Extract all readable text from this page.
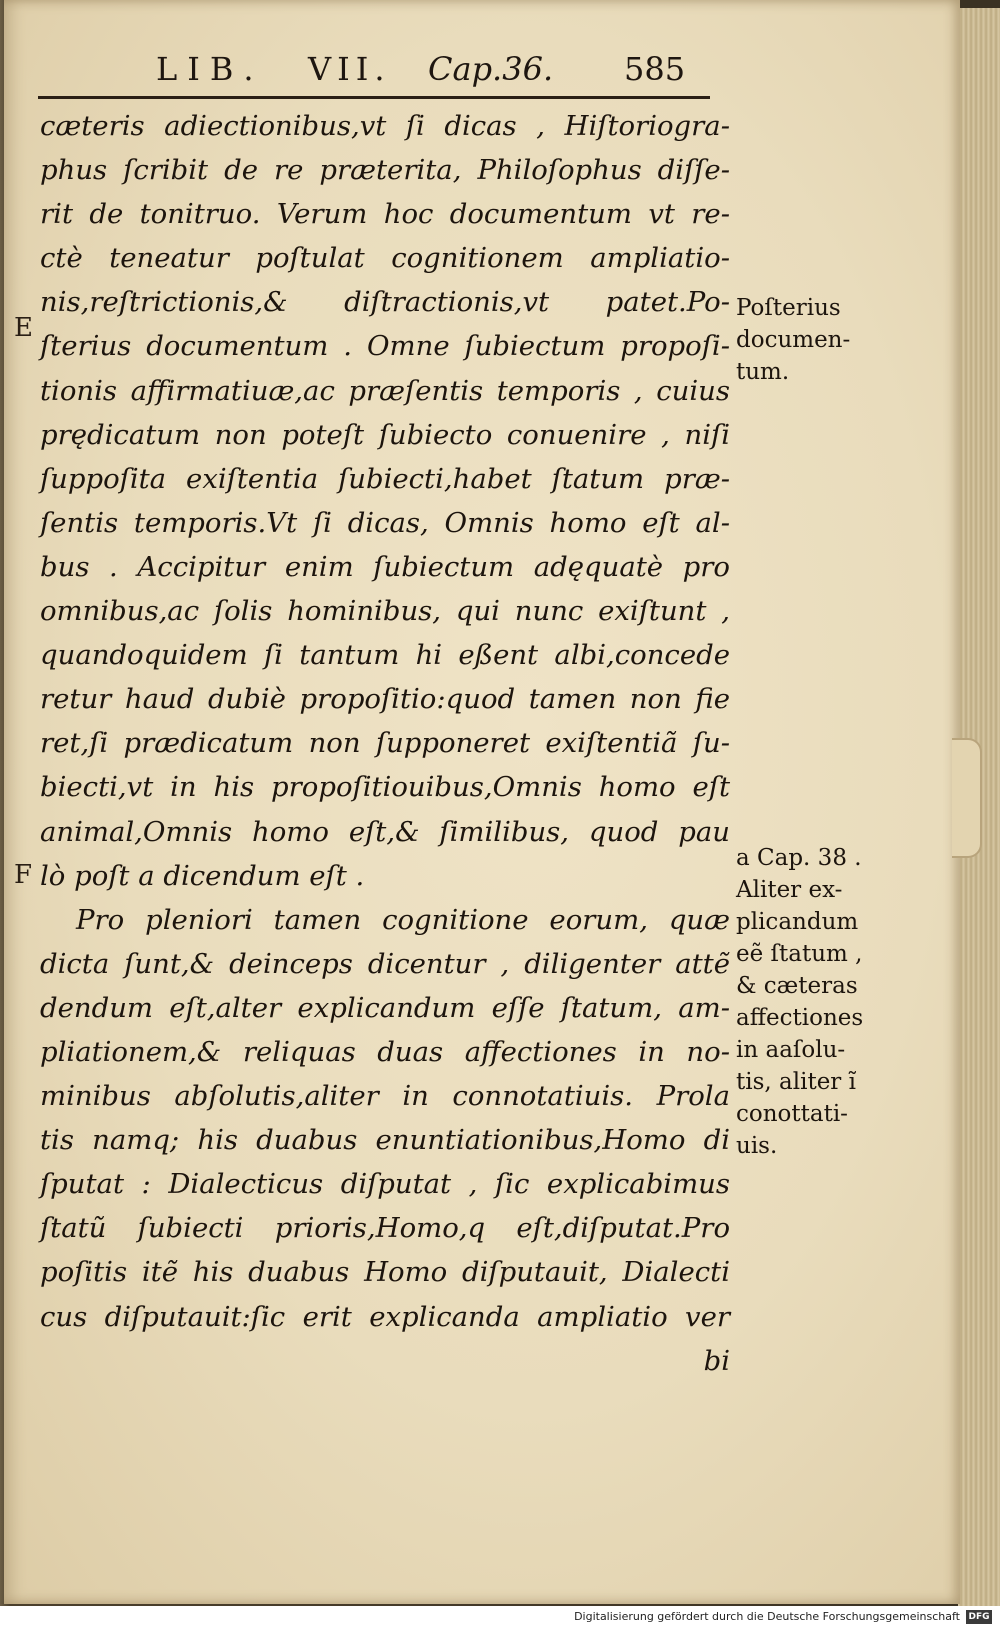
LIB. VII. Cap.36. 585
E
F
cæteris adiectionibus,vt ſi dicas , Hiſtoriogra-
phus ſcribit de re præterita, Philoſophus diſſe-
rit de tonitruo. Verum hoc documentum vt re-
ctè teneatur poſtulat cognitionem ampliatio-
nis,reſtrictionis,& diſtractionis,vt patet.Po-
ſterius documentum . Omne ſubiectum propoſi-
tionis affirmatiuæ,ac præſentis temporis , cuius
prędicatum non poteſt ſubiecto conuenire , niſi
ſuppoſita exiſtentia ſubiecti,habet ſtatum præ-
ſentis temporis.Vt ſi dicas, Omnis homo eſt al-
bus . Accipitur enim ſubiectum adęquatè pro
omnibus,ac ſolis hominibus, qui nunc exiſtunt ,
quandoquidem ſi tantum hi eßent albi,concede
retur haud dubiè propoſitio:quod tamen non fie
ret,ſi prædicatum non ſupponeret exiſtentiã ſu-
biecti,vt in his propoſitiouibus,Omnis homo eſt
animal,Omnis homo eſt,& ſimilibus, quod pau
lò poſt a dicendum eſt .
Pro pleniori tamen cognitione eorum, quæ
dicta ſunt,& deinceps dicentur , diligenter attẽ
dendum eſt,alter explicandum eſſe ſtatum, am-
pliationem,& reliquas duas affectiones in no-
minibus abſolutis,aliter in connotatiuis. Prola
tis namq; his duabus enuntiationibus,Homo di
ſputat : Dialecticus diſputat , ſic explicabimus
ſtatũ ſubiecti prioris,Homo,q eſt,diſputat.Pro
poſitis itẽ his duabus Homo diſputauit, Dialecti
cus diſputauit:ſic erit explicanda ampliatio ver
bi
Poſterius
documen-
tum.
a Cap. 38 .
Aliter ex-
plicandum
eẽ ſtatum ,
& cæteras
affectiones
in aaſolu-
tis, aliter ĩ
conottati-
uis.
Digitalisierung gefördert durch die Deutsche Forschungsgemeinschaft DFG
